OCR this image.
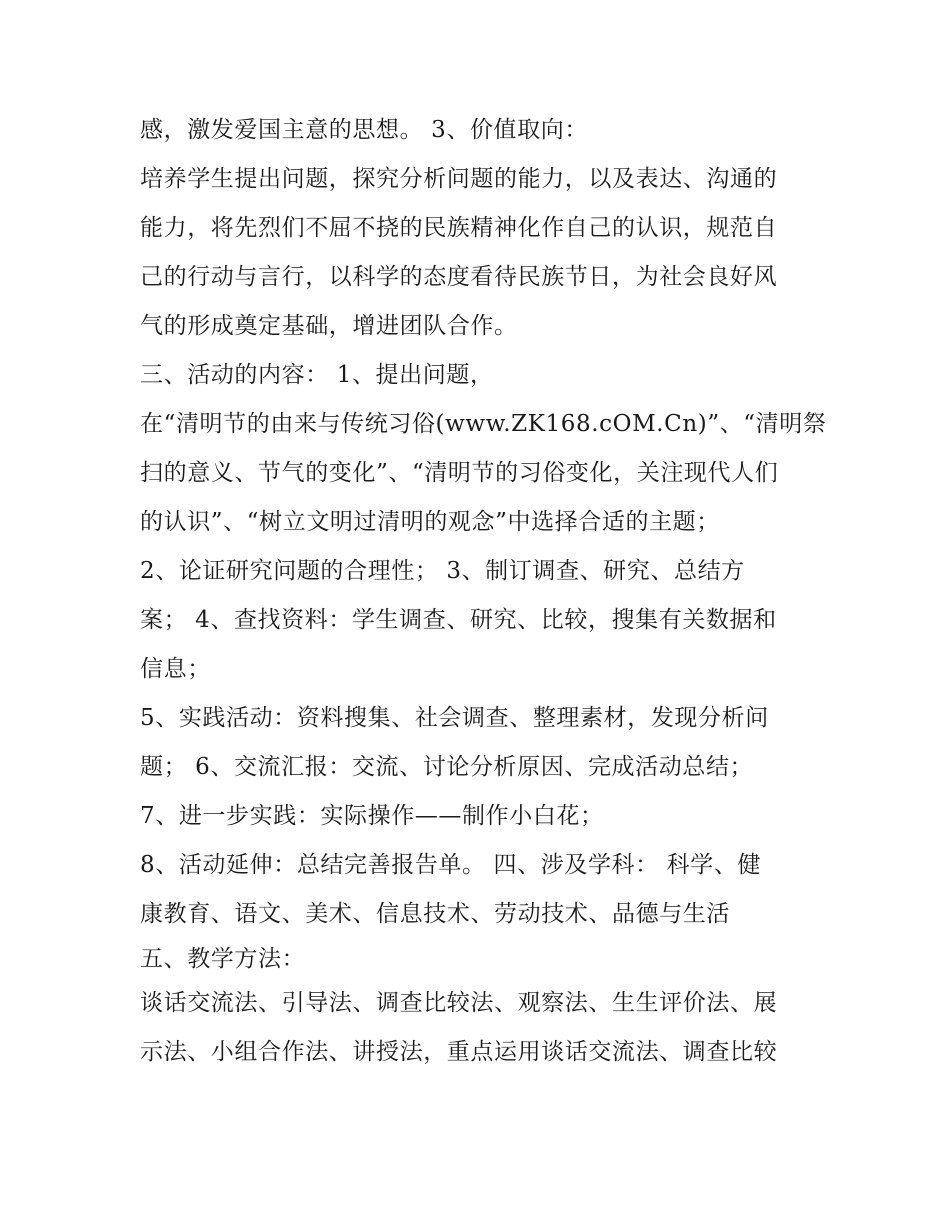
感，激发爱国主意的思想。 3、价值取向：
培养学生提出问题，探究分析问题的能力，以及表达、沟通的
能力，将先烈们不屈不挠的民族精神化作自己的认识，规范自
己的行动与言行，以科学的态度看待民族节日，为社会良好风
气的形成奠定基础，增进团队合作。
三、活动的内容： 1、提出问题，
在“清明节的由来与传统习俗(www.ZK168.cOM.Cn)”、“清明祭
扫的意义、节气的变化”、“清明节的习俗变化，关注现代人们
的认识”、“树立文明过清明的观念”中选择合适的主题；
2、论证研究问题的合理性； 3、制订调查、研究、总结方
案； 4、查找资料：学生调查、研究、比较，搜集有关数据和
信息；
5、实践活动：资料搜集、社会调查、整理素材，发现分析问
题； 6、交流汇报：交流、讨论分析原因、完成活动总结；
7、进一步实践：实际操作——制作小白花；
8、活动延伸：总结完善报告单。 四、涉及学科： 科学、健
康教育、语文、美术、信息技术、劳动技术、品德与生活
五、教学方法：
谈话交流法、引导法、调查比较法、观察法、生生评价法、展
示法、小组合作法、讲授法，重点运用谈话交流法、调查比较
